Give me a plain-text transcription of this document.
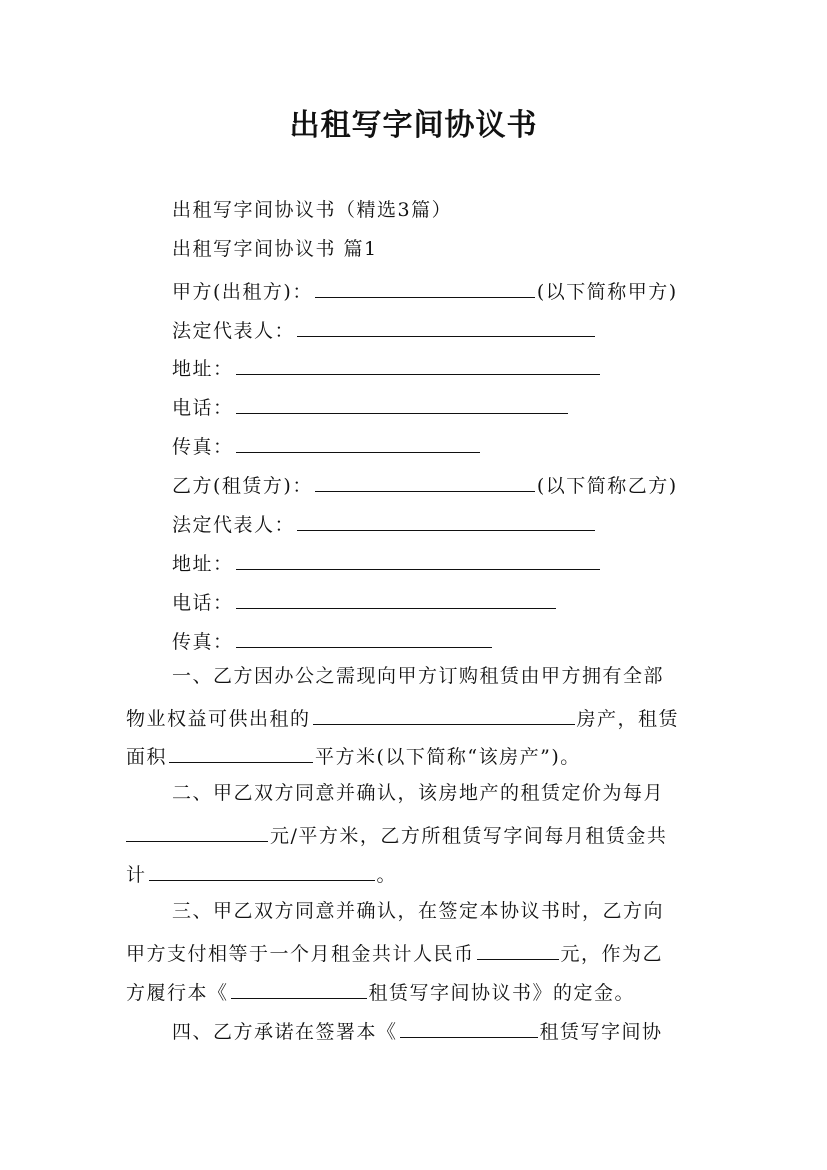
出租写字间协议书
出租写字间协议书（精选3篇）
出租写字间协议书 篇1
甲方(出租方)：	(以下简称甲方)
法定代表人：
地址：
电话：
传真：
乙方(租赁方)：	(以下简称乙方)
法定代表人：
地址：
电话：
传真：
一、乙方因办公之需现向甲方订购租赁由甲方拥有全部
物业权益可供出租的	房产，租赁
面积	平方米(以下简称“该房产”)。
二、甲乙双方同意并确认，该房地产的租赁定价为每月
元/平方米，乙方所租赁写字间每月租赁金共
计	。
三、甲乙双方同意并确认，在签定本协议书时，乙方向
甲方支付相等于一个月租金共计人民币	元，作为乙
方履行本《	租赁写字间协议书》的定金。
四、乙方承诺在签署本《	租赁写字间协
